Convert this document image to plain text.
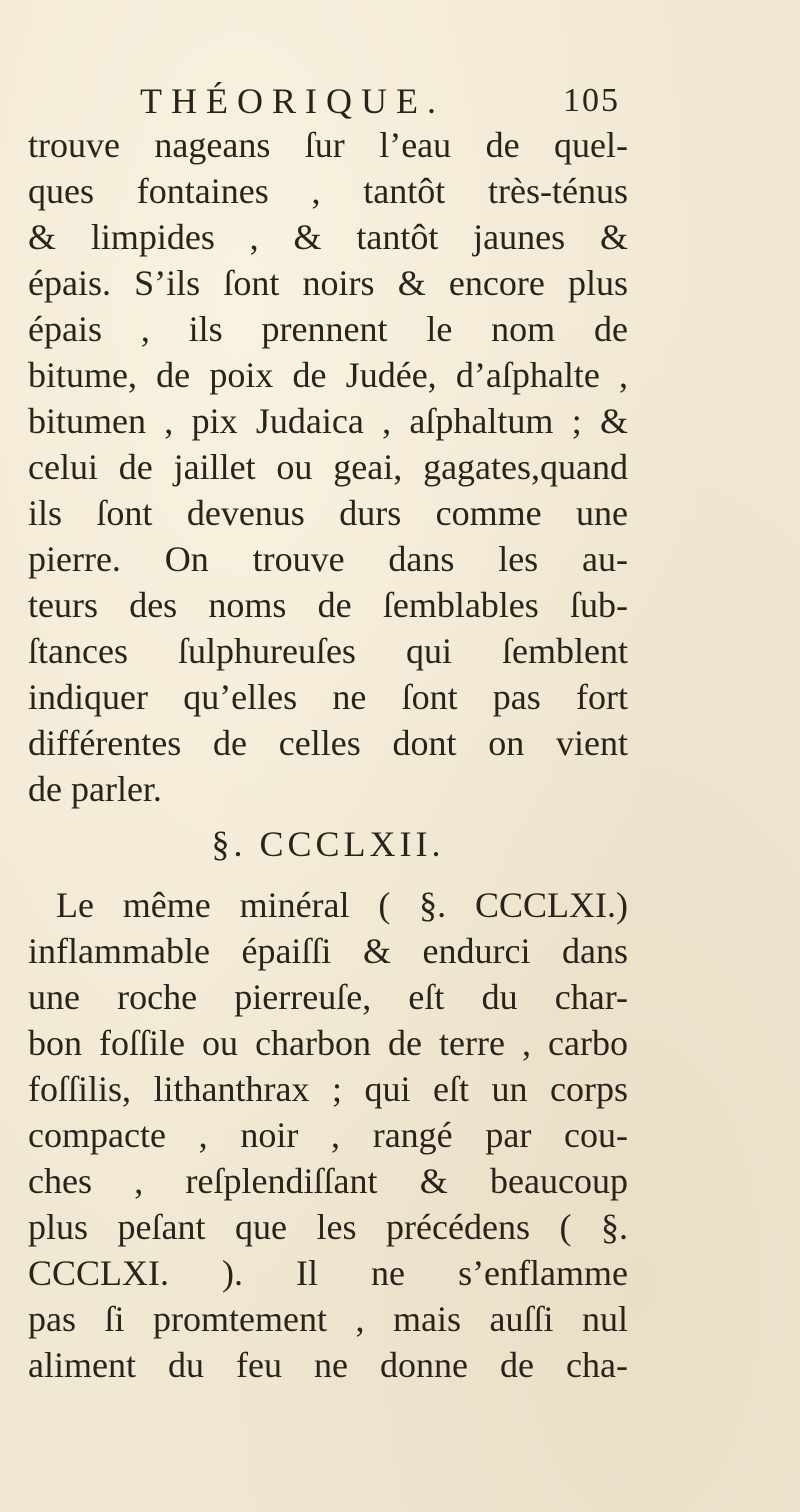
THÉORIQUE.	105
trouve nageans ſur l’eau de quel-
ques fontaines , tantôt très-ténus
& limpides , & tantôt jaunes &
épais. S’ils ſont noirs & encore plus
épais , ils prennent le nom de
bitume, de poix de Judée, d’aſphalte ,
bitumen , pix Judaica , aſphaltum ; &
celui de jaillet ou geai, gagates,quand
ils ſont devenus durs comme une
pierre. On trouve dans les au-
teurs des noms de ſemblables ſub-
ſtances ſulphureuſes qui ſemblent
indiquer qu’elles ne ſont pas fort
différentes de celles dont on vient
de parler.
§. CCCLXII.
Le même minéral ( §. CCCLXI.)
inflammable épaiſſi & endurci dans
une roche pierreuſe, eſt du char-
bon foſſile ou charbon de terre , carbo
foſſilis, lithanthrax ; qui eſt un corps
compacte , noir , rangé par cou-
ches , reſplendiſſant & beaucoup
plus peſant que les précédens ( §.
CCCLXI. ). Il ne s’enflamme
pas ſi promtement , mais auſſi nul
aliment du feu ne donne de cha-
